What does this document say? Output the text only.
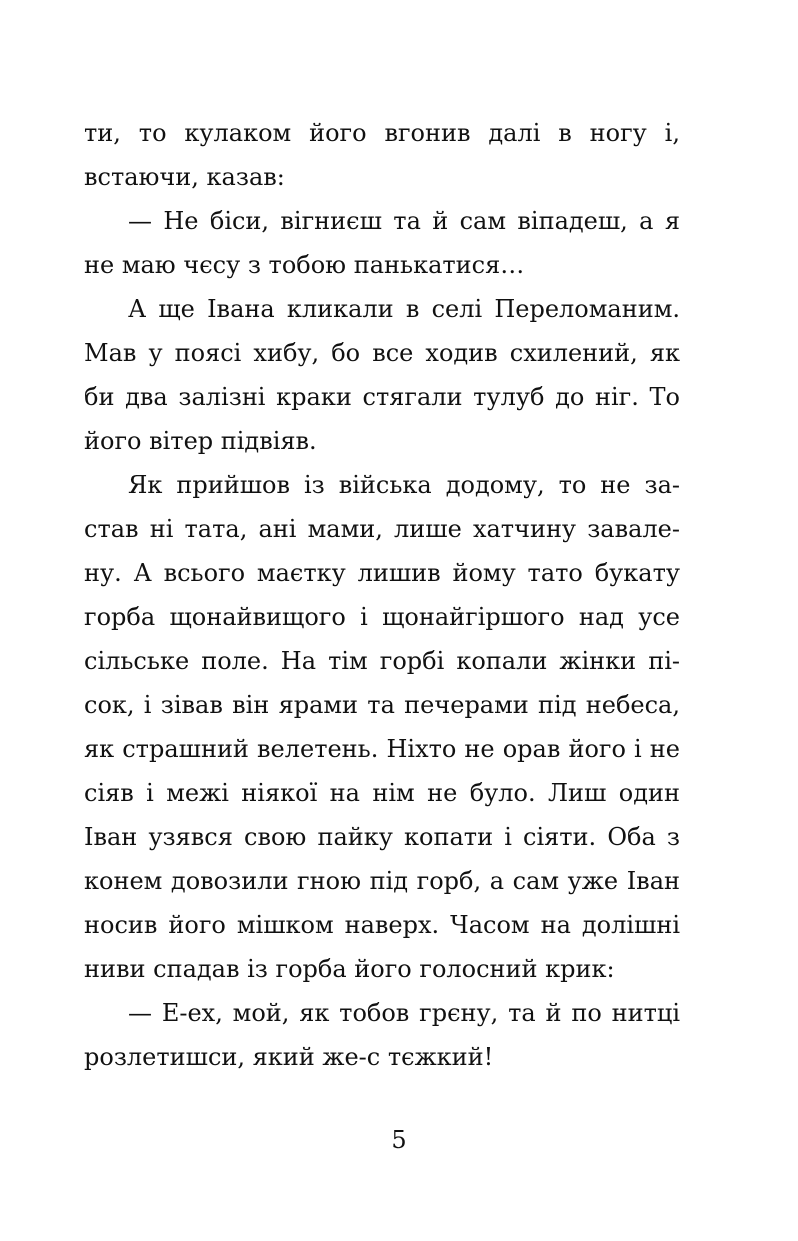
ти, то кулаком його вгонив далі в ногу і, встаючи, казав:

— Не біси, вігниєш та й сам віпадеш, а я не маю чєсу з тобою панькатися…

А ще Івана кликали в селі Переломаним. Мав у поясі хибу, бо все ходив схилений, як би два залізні краки стягали тулуб до ніг. То його вітер підвіяв.

Як прийшов із війська додому, то не застав ні тата, ані мами, лише хатчину завалену. А всього маєтку лишив йому тато букату горба щонайвищого і щонайгіршого над усе сільське поле. На тім горбі копали жінки пісок, і зівав він ярами та печерами під небеса, як страшний велетень. Ніхто не орав його і не сіяв і межі ніякої на нім не було. Лиш один Іван узявся свою пайку копати і сіяти. Оба з конем довозили гною під горб, а сам уже Іван носив його мішком наверх. Часом на долішні ниви спадав із горба його голосний крик:

— Е-ех, мой, як тобов грєну, та й по нитці розлетишси, який же-с тєжкий!

5
